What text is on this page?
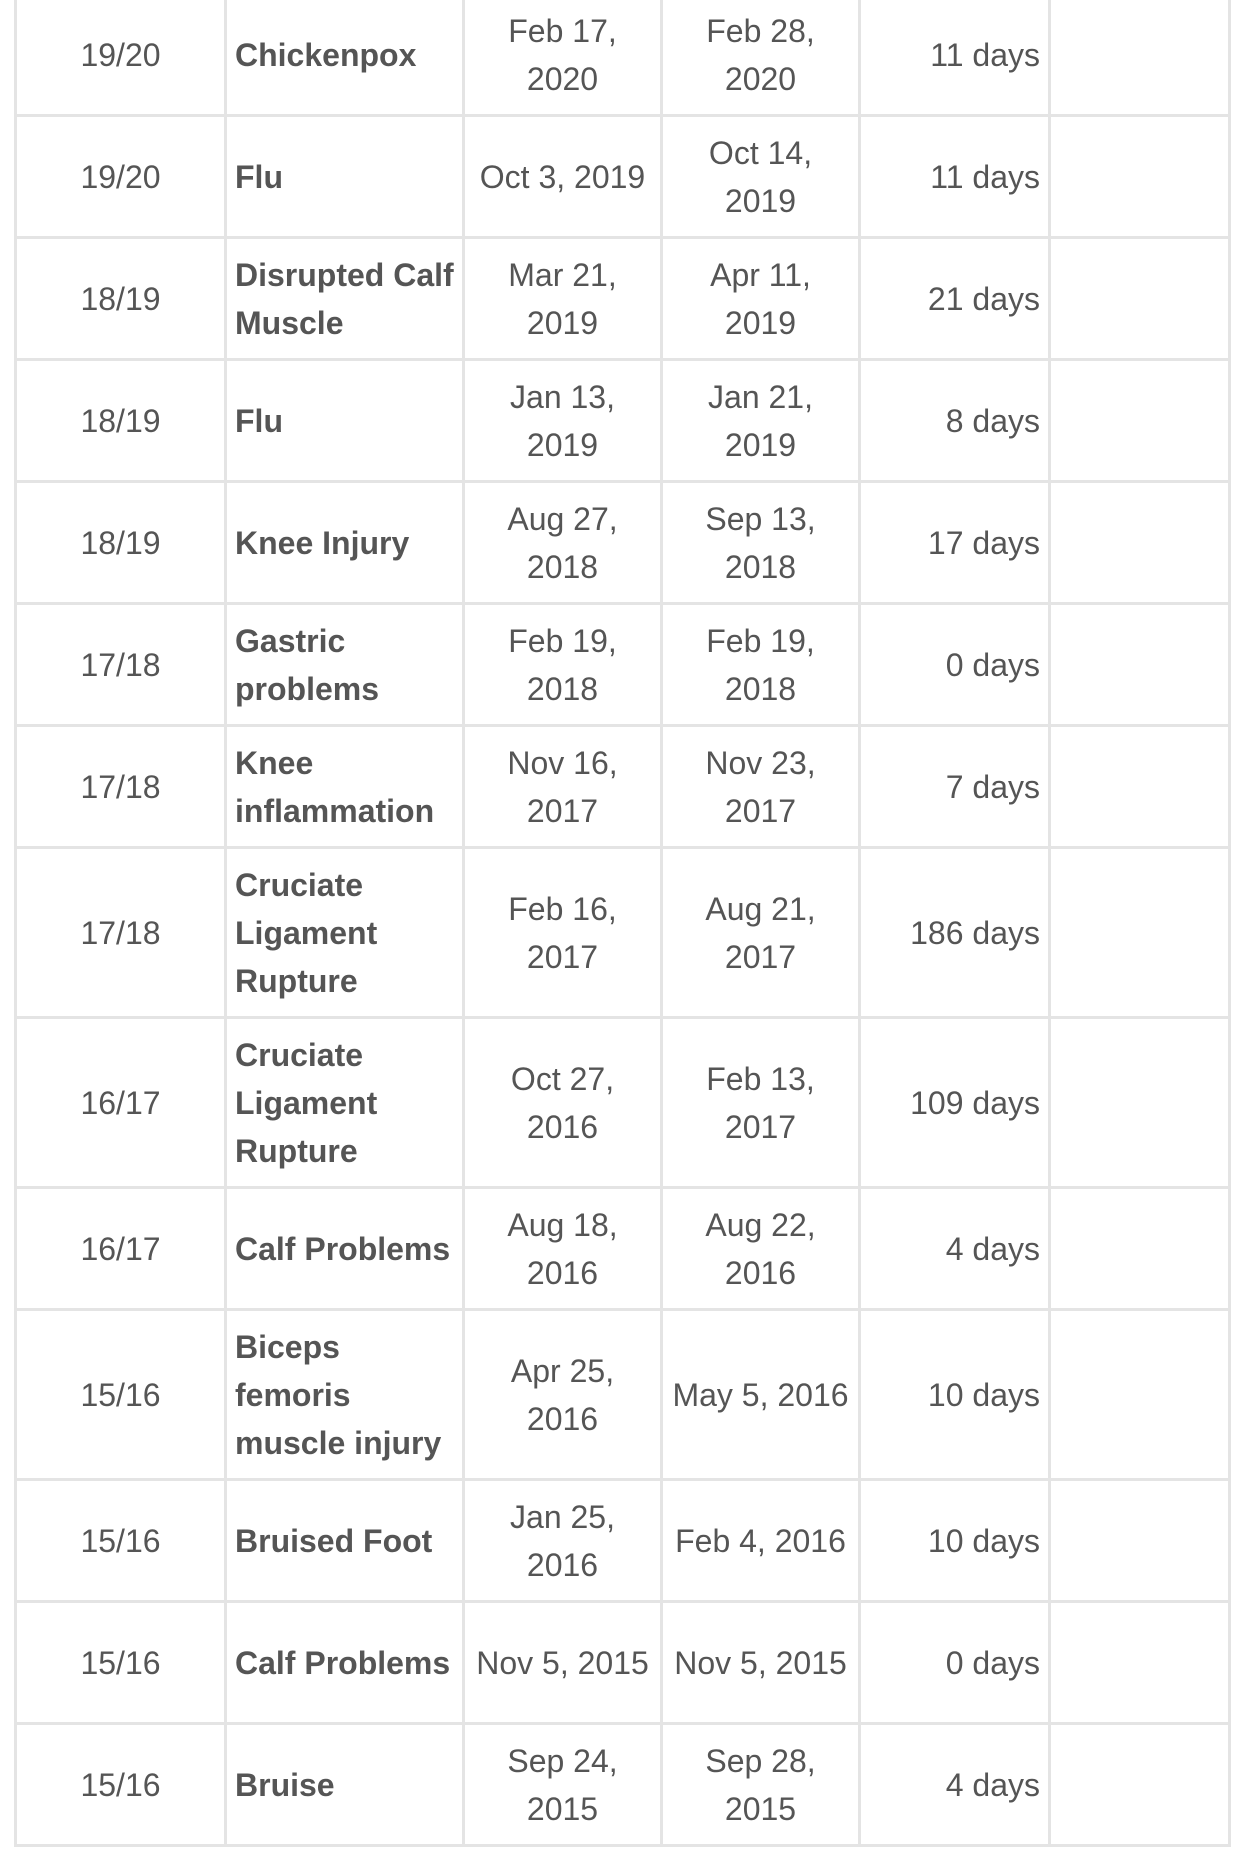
19/20	Chickenpox	Feb 17, 2020	Feb 28, 2020	11 days	
19/20	Flu	Oct 3, 2019	Oct 14, 2019	11 days	
18/19	Disrupted Calf Muscle	Mar 21, 2019	Apr 11, 2019	21 days	
18/19	Flu	Jan 13, 2019	Jan 21, 2019	8 days	
18/19	Knee Injury	Aug 27, 2018	Sep 13, 2018	17 days	
17/18	Gastric problems	Feb 19, 2018	Feb 19, 2018	0 days	
17/18	Knee inflammation	Nov 16, 2017	Nov 23, 2017	7 days	
17/18	Cruciate Ligament Rupture	Feb 16, 2017	Aug 21, 2017	186 days	
16/17	Cruciate Ligament Rupture	Oct 27, 2016	Feb 13, 2017	109 days	
16/17	Calf Problems	Aug 18, 2016	Aug 22, 2016	4 days	
15/16	Biceps femoris muscle injury	Apr 25, 2016	May 5, 2016	10 days	
15/16	Bruised Foot	Jan 25, 2016	Feb 4, 2016	10 days	
15/16	Calf Problems	Nov 5, 2015	Nov 5, 2015	0 days	
15/16	Bruise	Sep 24, 2015	Sep 28, 2015	4 days	
